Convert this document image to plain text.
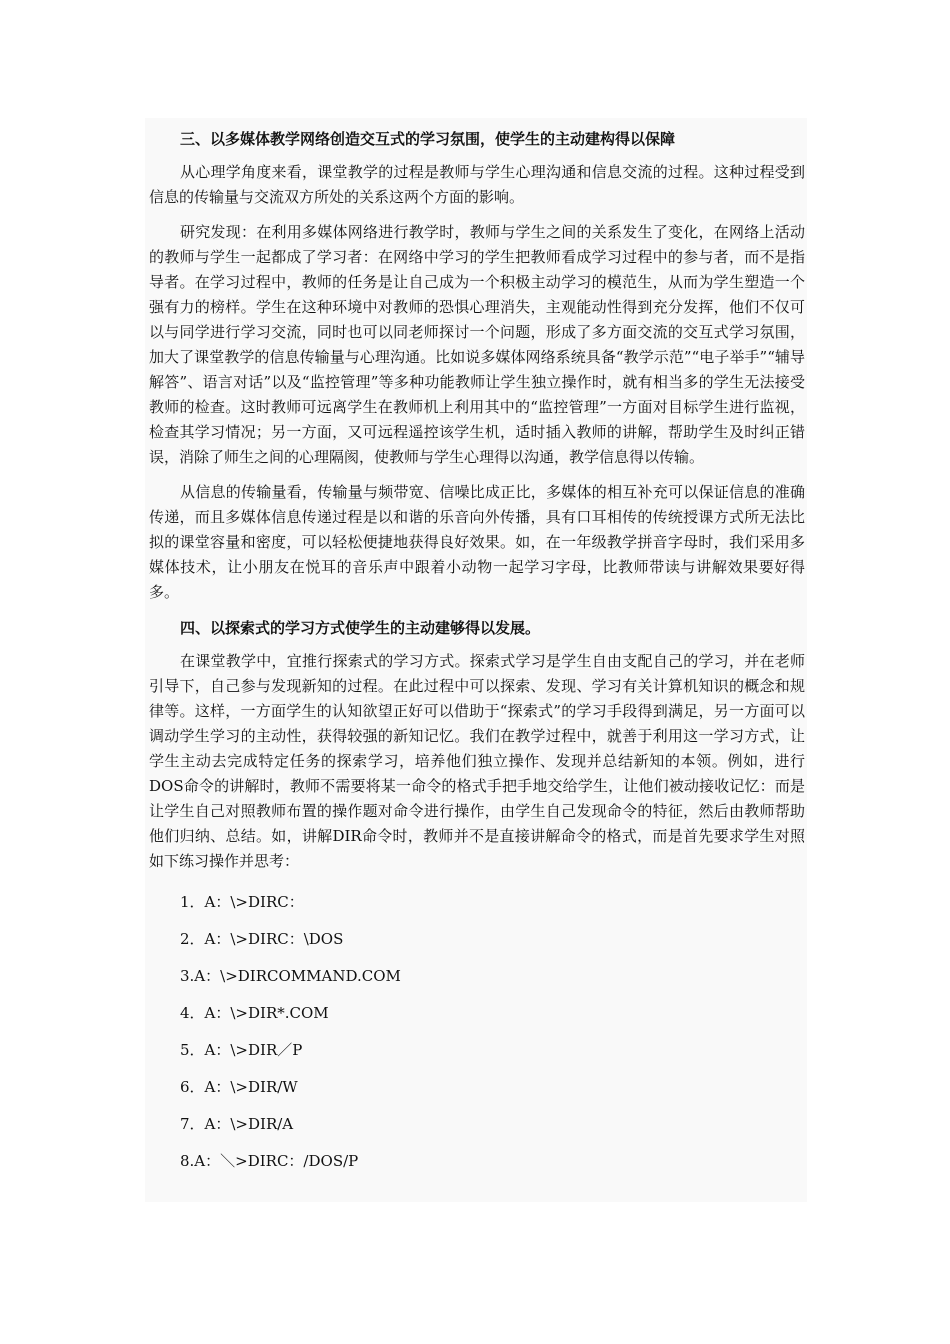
三、以多媒体教学网络创造交互式的学习氛围，使学生的主动建构得以保障

从心理学角度来看，课堂教学的过程是教师与学生心理沟通和信息交流的过程。这种过程受到信息的传输量与交流双方所处的关系这两个方面的影响。

研究发现：在利用多媒体网络进行教学时，教师与学生之间的关系发生了变化，在网络上活动的教师与学生一起都成了学习者：在网络中学习的学生把教师看成学习过程中的参与者，而不是指导者。在学习过程中，教师的任务是让自己成为一个积极主动学习的模范生，从而为学生塑造一个强有力的榜样。学生在这种环境中对教师的恐惧心理消失，主观能动性得到充分发挥，他们不仅可以与同学进行学习交流，同时也可以同老师探讨一个问题，形成了多方面交流的交互式学习氛围，加大了课堂教学的信息传输量与心理沟通。比如说多媒体网络系统具备“教学示范”“电子举手”“辅导解答”、语言对话”以及“监控管理”等多种功能教师让学生独立操作时，就有相当多的学生无法接受教师的检查。这时教师可远离学生在教师机上利用其中的“监控管理”一方面对目标学生进行监视，检查其学习情况；另一方面，又可远程遥控该学生机，适时插入教师的讲解，帮助学生及时纠正错误，消除了师生之间的心理隔阂，使教师与学生心理得以沟通，教学信息得以传输。

从信息的传输量看，传输量与频带宽、信噪比成正比，多媒体的相互补充可以保证信息的准确传递，而且多媒体信息传递过程是以和谐的乐音向外传播，具有口耳相传的传统授课方式所无法比拟的课堂容量和密度，可以轻松便捷地获得良好效果。如，在一年级教学拼音字母时，我们采用多媒体技术，让小朋友在悦耳的音乐声中跟着小动物一起学习字母，比教师带读与讲解效果要好得多。

四、以探索式的学习方式使学生的主动建够得以发展。

在课堂教学中，宜推行探索式的学习方式。探索式学习是学生自由支配自己的学习，并在老师引导下，自己参与发现新知的过程。在此过程中可以探索、发现、学习有关计算机知识的概念和规律等。这样，一方面学生的认知欲望正好可以借助于“探索式”的学习手段得到满足，另一方面可以调动学生学习的主动性，获得较强的新知记忆。我们在教学过程中，就善于利用这一学习方式，让学生主动去完成特定任务的探索学习，培养他们独立操作、发现并总结新知的本领。例如，进行DOS命令的讲解时，教师不需要将某一命令的格式手把手地交给学生，让他们被动接收记忆：而是让学生自己对照教师布置的操作题对命令进行操作，由学生自己发现命令的特征，然后由教师帮助他们归纳、总结。如，讲解DIR命令时，教师并不是直接讲解命令的格式，而是首先要求学生对照如下练习操作并思考：

1．A：\>DIRC：

2．A：\>DIRC：\DOS

3.A：\>DIRCOMMAND.COM

4．A：\>DIR*.COM

5．A：\>DIR／P

6．A：\>DIR/W

7．A：\>DIR/A

8.A：＼>DIRC：/DOS/P
